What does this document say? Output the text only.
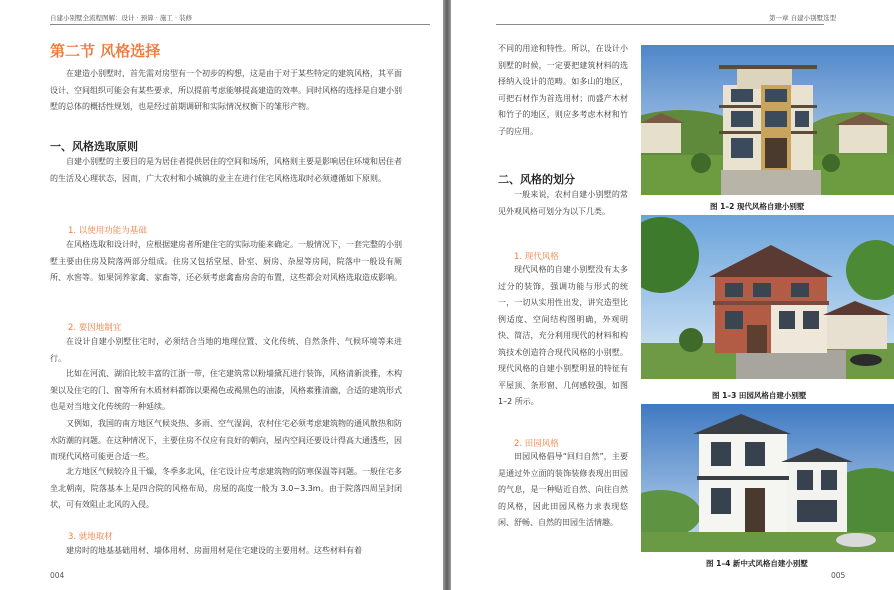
自建小别墅全流程图解：设计 · 预算 · 施工 · 装修
第二节 风格选择

在建造小别墅时，首先需对房型有一个初步的构想，这是由于对于某些特定的建筑风格，其平面设计、空间组织可能会有某些要求，所以提前考虑能够提高建造的效率。同时风格的选择是自建小别墅的总体的概括性规划，也是经过前期调研和实际情况权衡下的雏形产物。

一、风格选取原则

自建小别墅的主要目的是为居住者提供居住的空间和场所，风格则主要是影响居住环境和居住者的生活及心理状态，因而，广大农村和小城镇的业主在进行住宅风格选取时必须遵循如下原则。

1. 以使用功能为基础

在风格选取和设计时，应根据建房者所建住宅的实际功能来确定。一般情况下，一套完整的小别墅主要由住房及院落两部分组成。住房又包括堂屋、卧室、厨房、杂屋等房间，院落中一般设有厕所、水窖等。如果饲养家禽、家畜等，还必须考虑禽畜房舍的布置，这些都会对风格选取造成影响。

2. 要因地制宜

在设计自建小别墅住宅时，必须结合当地的地理位置、文化传统、自然条件、气候环境等来进行。

比如在河流、湖泊比较丰富的江浙一带，住宅建筑常以粉墙黛瓦进行装饰，风格清新淡雅，木构架以及住宅的门、窗等所有木质材料都饰以栗褐色或褐黑色的油漆，风格素雅清幽，合适的建筑形式也是对当地文化传统的一种延续。

又例如，我国的南方地区气候炎热、多雨、空气湿润，农村住宅必须考虑建筑物的通风散热和防水防潮的问题。在这种情况下，主要住房不仅应有良好的朝向，屋内空间还要设计得高大通透些，因而现代风格可能更合适一些。

北方地区气候较冷且干燥，冬季多北风，住宅设计应考虑建筑物的防寒保温等问题。一般住宅多坐北朝南，院落基本上是四合院的风格布局，房屋的高度一般为 3.0~3.3m。由于院落四周呈封闭状，可有效阻止北风的入侵。

3. 就地取材

建房时的地基基础用材、墙体用材、房面用材是住宅建设的主要用材。这些材料有着

004
第一章 自建小别墅选型
005

不同的用途和特性。所以，在设计小别墅的时候，一定要把建筑材料的选择纳入设计的范畴。如多山的地区，可把石材作为首选用材；而盛产木材和竹子的地区，则应多考虑木材和竹子的应用。

二、风格的划分

一般来说，农村自建小别墅的常见外观风格可划分为以下几类。

1. 现代风格

现代风格的自建小别墅没有太多过分的装饰，强调功能与形式的统一，一切从实用性出发，讲究造型比例适度、空间结构图明确，外观明快、简洁，充分利用现代的材料和构筑技术创造符合现代风格的小别墅。现代风格的自建小别墅明显的特征有平屋顶、条形窗、几何感较强，如图 1–2 所示。

2. 田园风格

田园风格倡导“回归自然”，主要是通过外立面的装饰装修表现出田园的气息，是一种贴近自然、向往自然的风格，因此田园风格力求表现悠闲、舒畅、自然的田园生活情趣。

图 1–2 现代风格自建小别墅
图 1–3 田园风格自建小别墅
图 1–4 新中式风格自建小别墅
